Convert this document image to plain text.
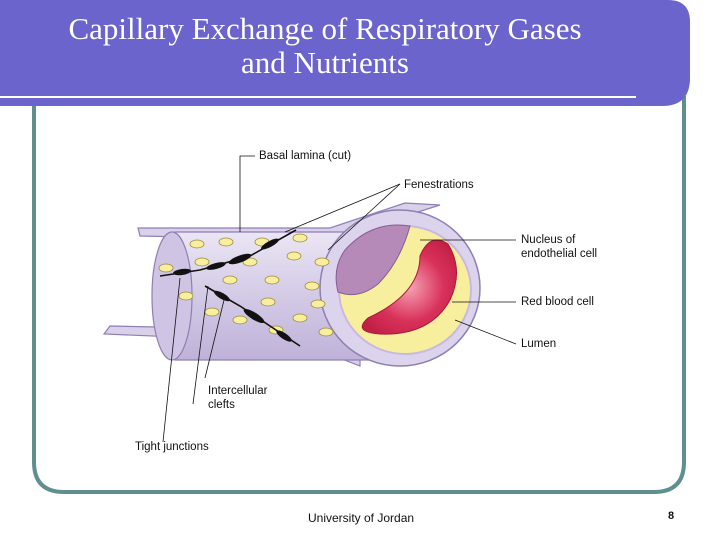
Capillary Exchange of Respiratory Gases
and Nutrients
Basal lamina (cut)
Fenestrations
Nucleus of
endothelial cell
Red blood cell
Lumen
Intercellular
clefts
Tight junctions
University of Jordan	8
